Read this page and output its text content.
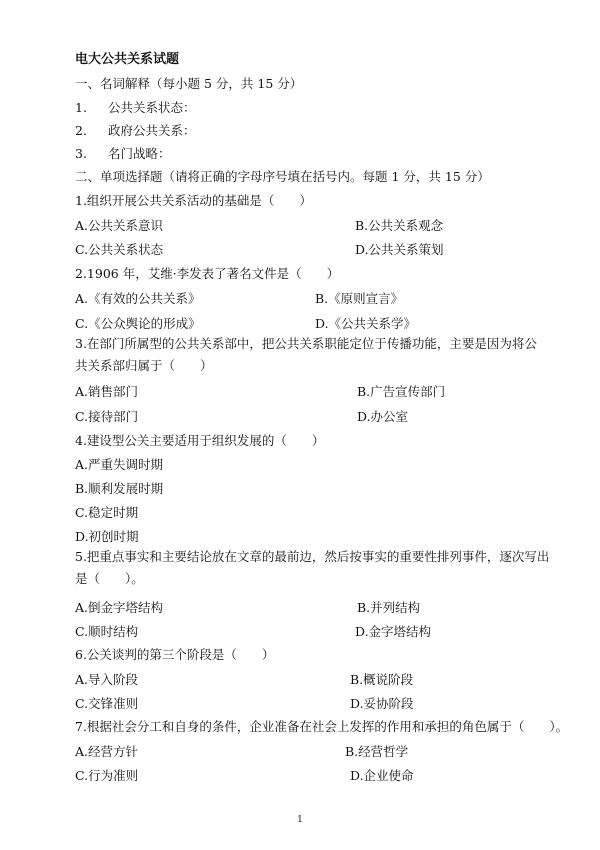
电大公共关系试题
一、名词解释（每小题 5 分，共 15 分）
1. 公共关系状态：
2. 政府公共关系：
3. 名门战略：
二、单项选择题（请将正确的字母序号填在括号内。每题 1 分，共 15 分）
1.组织开展公共关系活动的基础是（　　）
A.公共关系意识	B.公共关系观念
C.公共关系状态	D.公共关系策划
2.1906 年，艾维·李发表了著名文件是（　　）
A.《有效的公共关系》	B.《原则宣言》
C.《公众舆论的形成》	D.《公共关系学》
3.在部门所属型的公共关系部中，把公共关系职能定位于传播功能，主要是因为将公共关系部归属于（　　）
A.销售部门	B.广告宣传部门
C.接待部门	D.办公室
4.建设型公关主要适用于组织发展的（　　）
A.严重失调时期
B.顺利发展时期
C.稳定时期
D.初创时期
5.把重点事实和主要结论放在文章的最前边，然后按事实的重要性排列事件，逐次写出是（　　）。
A.倒金字塔结构	B.并列结构
C.顺时结构	D.金字塔结构
6.公关谈判的第三个阶段是（　　）
A.导入阶段	B.概说阶段
C.交锋准则	D.妥协阶段
7.根据社会分工和自身的条件，企业准备在社会上发挥的作用和承担的角色属于（　　）。
A.经营方针	B.经营哲学
C.行为准则	D.企业使命
1
